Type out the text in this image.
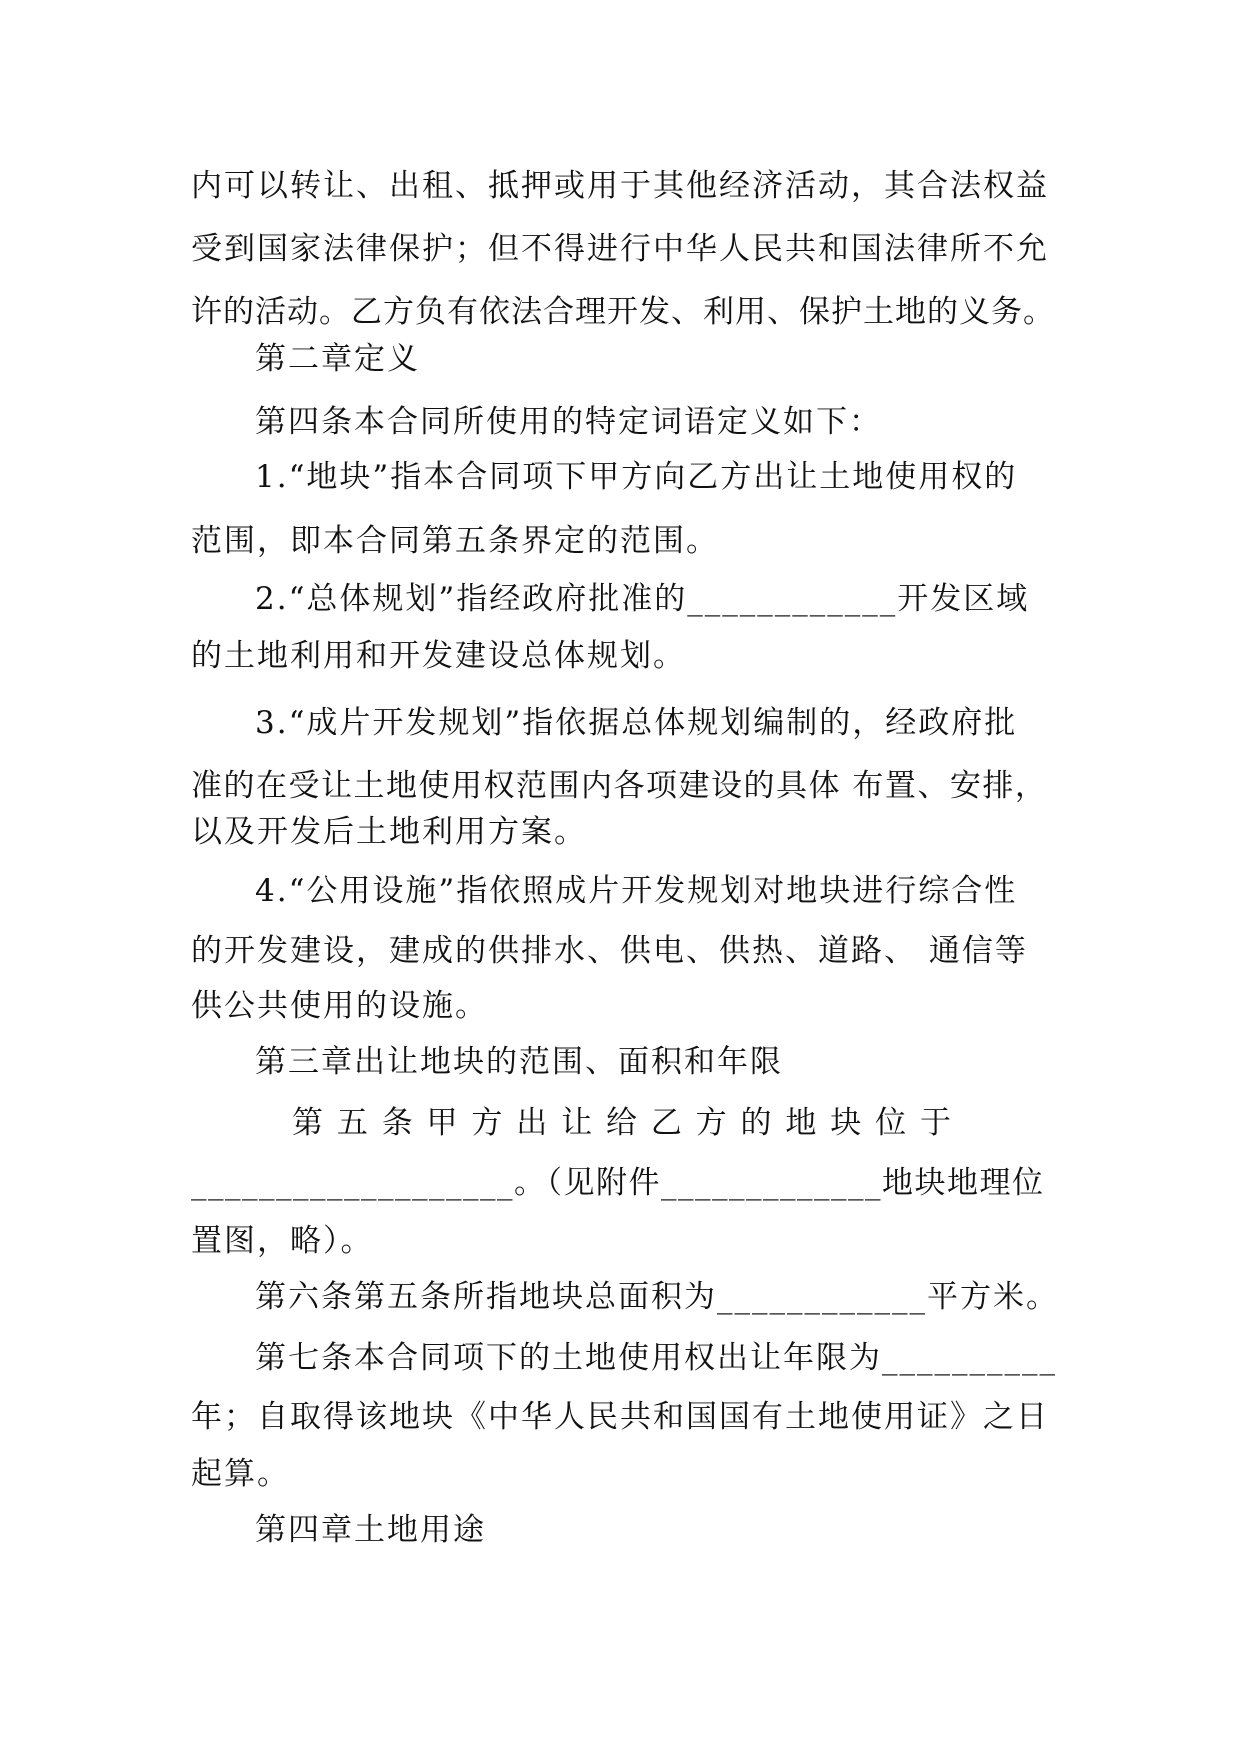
内可以转让、出租、抵押或用于其他经济活动，其合法权益
受到国家法律保护；但不得进行中华人民共和国法律所不允
许的活动。乙方负有依法合理开发、利用、保护土地的义务。
第二章定义
第四条本合同所使用的特定词语定义如下：
1.“地块”指本合同项下甲方向乙方出让土地使用权的
范围，即本合同第五条界定的范围。
2.“总体规划”指经政府批准的____________开发区域
的土地利用和开发建设总体规划。
3.“成片开发规划”指依据总体规划编制的，经政府批
准的在受让土地使用权范围内各项建设的具体 布置、安排，
以及开发后土地利用方案。
4.“公用设施”指依照成片开发规划对地块进行综合性
的开发建设，建成的供排水、供电、供热、道路、 通信等
供公共使用的设施。
第三章出让地块的范围、面积和年限
第 五 条 甲 方 出 让 给 乙 方 的 地 块 位 于
___________________。（见附件_____________地块地理位
置图，略）。
第六条第五条所指地块总面积为____________平方米。
第七条本合同项下的土地使用权出让年限为__________
年；自取得该地块《中华人民共和国国有土地使用证》之日
起算。
第四章土地用途
